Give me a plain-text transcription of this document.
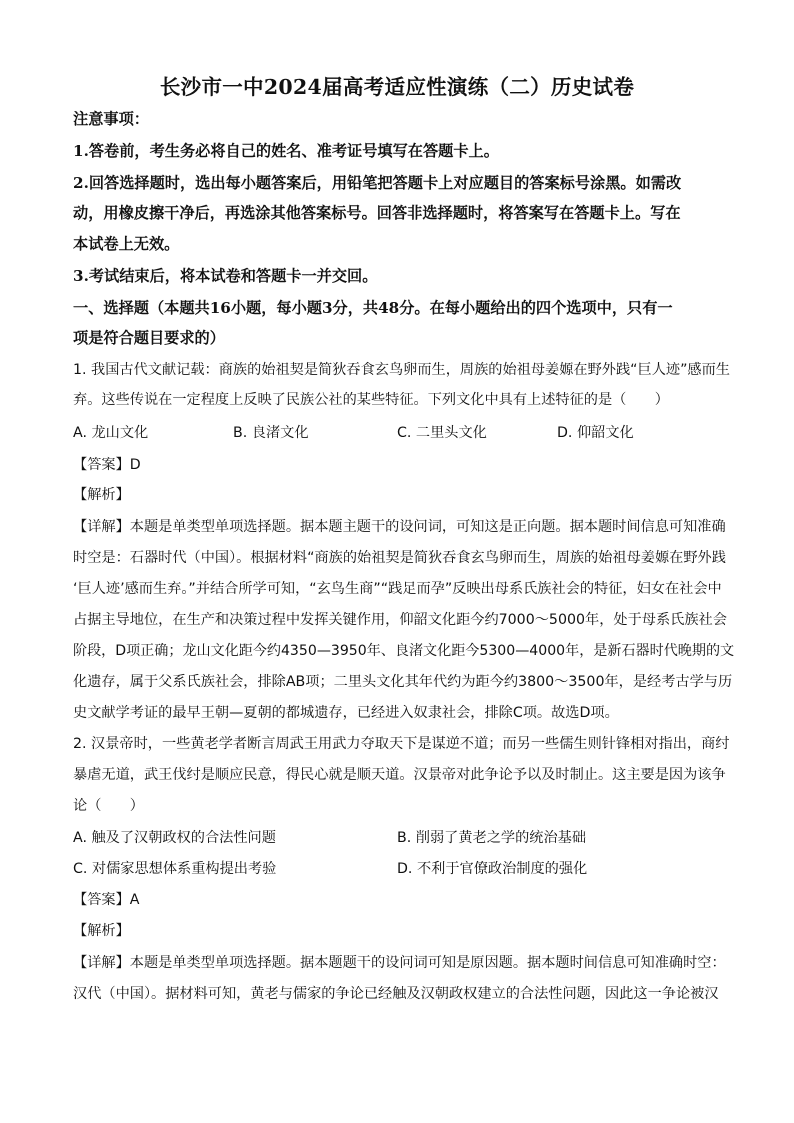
长沙市一中2024届高考适应性演练（二）历史试卷
注意事项：
1.答卷前，考生务必将自己的姓名、准考证号填写在答题卡上。
2.回答选择题时，选出每小题答案后，用铅笔把答题卡上对应题目的答案标号涂黑。如需改
动，用橡皮擦干净后，再选涂其他答案标号。回答非选择题时，将答案写在答题卡上。写在
本试卷上无效。
3.考试结束后，将本试卷和答题卡一并交回。
一、选择题（本题共16小题，每小题3分，共48分。在每小题给出的四个选项中，只有一
项是符合题目要求的）
1. 我国古代文献记载：商族的始祖契是简狄吞食玄鸟卵而生，周族的始祖母姜嫄在野外践“巨人迹”感而生
弃。这些传说在一定程度上反映了民族公社的某些特征。下列文化中具有上述特征的是（　　）
A. 龙山文化	B. 良渚文化	C. 二里头文化	D. 仰韶文化
【答案】D
【解析】
【详解】本题是单类型单项选择题。据本题主题干的设问词，可知这是正向题。据本题时间信息可知准确
时空是：石器时代（中国）。根据材料“商族的始祖契是简狄吞食玄鸟卵而生，周族的始祖母姜嫄在野外践
‘巨人迹’感而生弃。”并结合所学可知，“玄鸟生商”“践足而孕”反映出母系氏族社会的特征，妇女在社会中
占据主导地位，在生产和决策过程中发挥关键作用，仰韶文化距今约7000～5000年，处于母系氏族社会
阶段，D项正确；龙山文化距今约4350—3950年、良渚文化距今5300—4000年，是新石器时代晚期的文
化遗存，属于父系氏族社会，排除AB项；二里头文化其年代约为距今约3800～3500年，是经考古学与历
史文献学考证的最早王朝—夏朝的都城遗存，已经进入奴隶社会，排除C项。故选D项。
2. 汉景帝时，一些黄老学者断言周武王用武力夺取天下是谋逆不道；而另一些儒生则针锋相对指出，商纣
暴虐无道，武王伐纣是顺应民意，得民心就是顺天道。汉景帝对此争论予以及时制止。这主要是因为该争
论（　　）
A. 触及了汉朝政权的合法性问题	B. 削弱了黄老之学的统治基础
C. 对儒家思想体系重构提出考验	D. 不利于官僚政治制度的强化
【答案】A
【解析】
【详解】本题是单类型单项选择题。据本题题干的设问词可知是原因题。据本题时间信息可知准确时空：
汉代（中国）。据材料可知，黄老与儒家的争论已经触及汉朝政权建立的合法性问题，因此这一争论被汉
